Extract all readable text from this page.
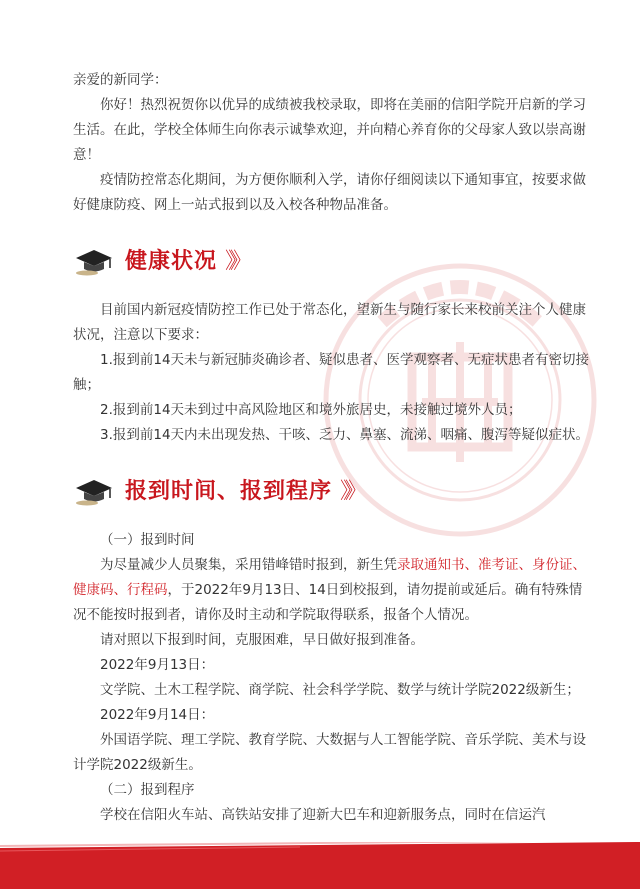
亲爱的新同学：

你好！热烈祝贺你以优异的成绩被我校录取，即将在美丽的信阳学院开启新的学习生活。在此，学校全体师生向你表示诚挚欢迎，并向精心养育你的父母家人致以崇高谢意！

疫情防控常态化期间，为方便你顺利入学，请你仔细阅读以下通知事宜，按要求做好健康防疫、网上一站式报到以及入校各种物品准备。

健康状况 》》

目前国内新冠疫情防控工作已处于常态化，望新生与随行家长来校前关注个人健康状况，注意以下要求：

1.报到前14天未与新冠肺炎确诊者、疑似患者、医学观察者、无症状患者有密切接触；

2.报到前14天未到过中高风险地区和境外旅居史，未接触过境外人员；

3.报到前14天内未出现发热、干咳、乏力、鼻塞、流涕、咽痛、腹泻等疑似症状。

报到时间、报到程序 》》

（一）报到时间

为尽量减少人员聚集，采用错峰错时报到，新生凭录取通知书、准考证、身份证、健康码、行程码，于2022年9月13日、14日到校报到，请勿提前或延后。确有特殊情况不能按时报到者，请你及时主动和学院取得联系，报备个人情况。

请对照以下报到时间，克服困难，早日做好报到准备。

2022年9月13日：

文学院、土木工程学院、商学院、社会科学学院、数学与统计学院2022级新生；

2022年9月14日：

外国语学院、理工学院、教育学院、大数据与人工智能学院、音乐学院、美术与设计学院2022级新生。

（二）报到程序

学校在信阳火车站、高铁站安排了迎新大巴车和迎新服务点，同时在信运汽

头条 @信阳微视角
